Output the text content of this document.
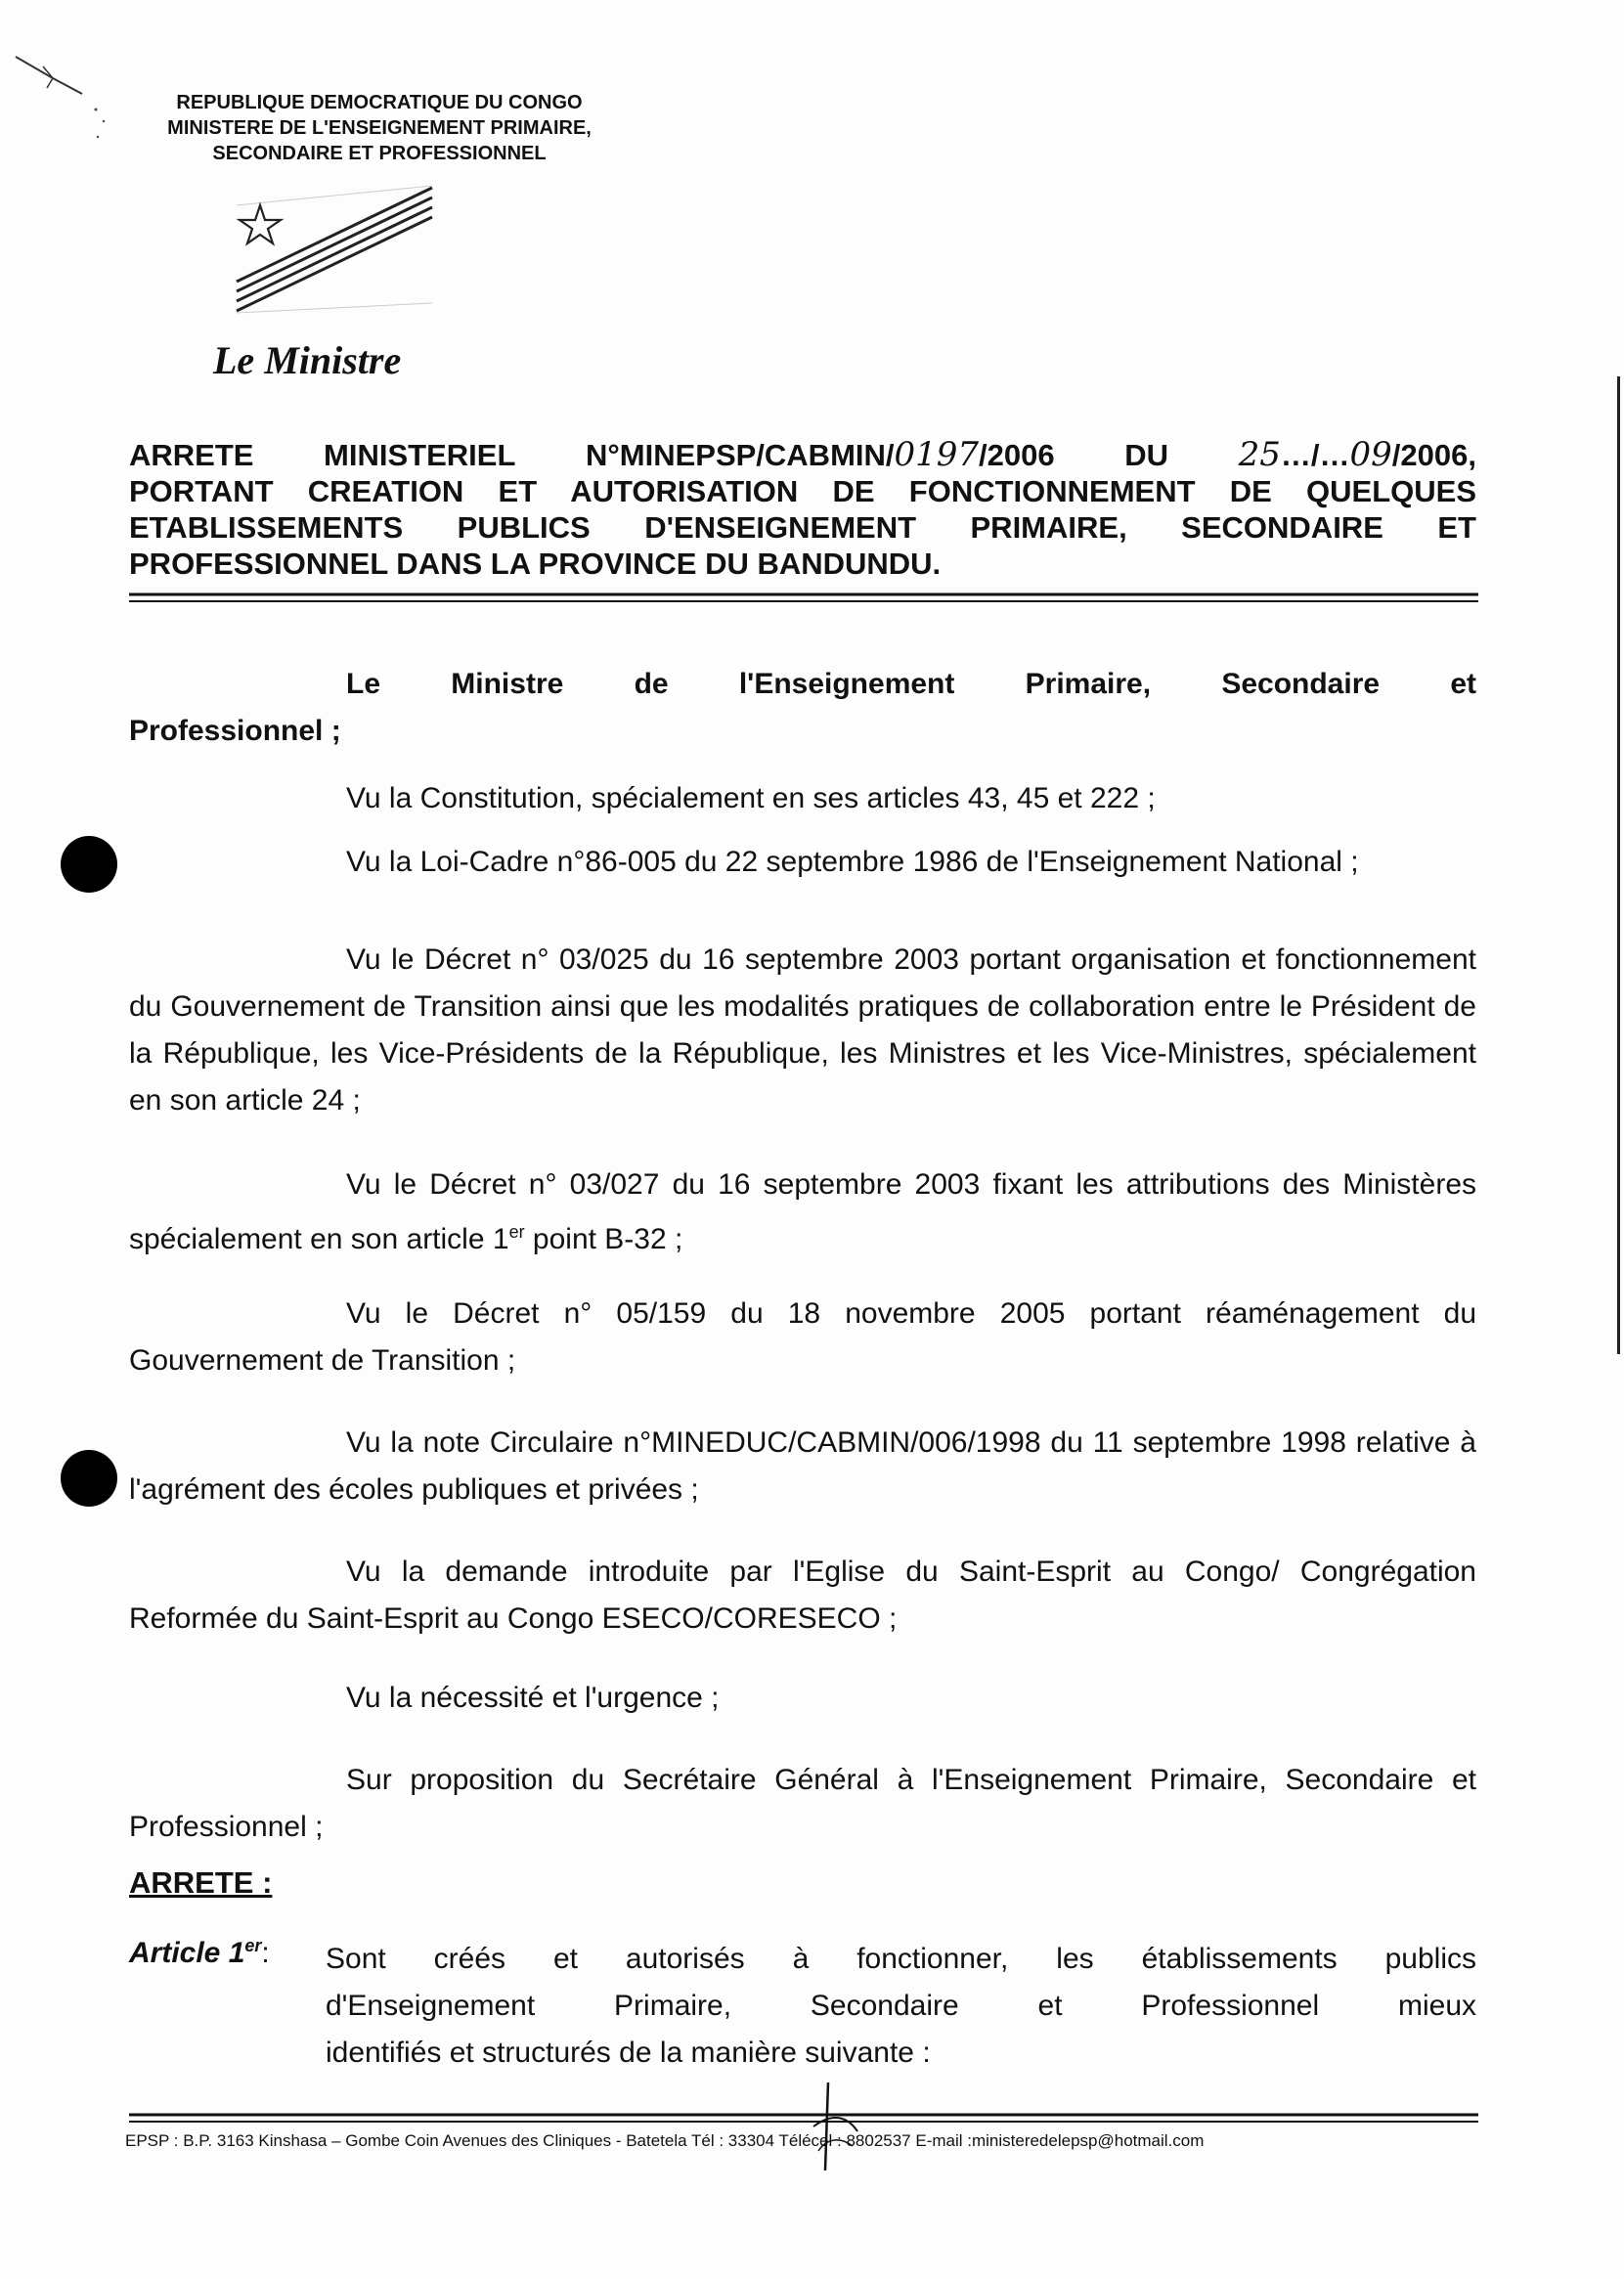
REPUBLIQUE DEMOCRATIQUE DU CONGO
MINISTERE DE L'ENSEIGNEMENT PRIMAIRE,
SECONDAIRE ET PROFESSIONNEL
Le Ministre
ARRETE MINISTERIEL N°MINEPSP/CABMIN/0197/2006 DU 25…/…09/2006,
PORTANT CREATION ET AUTORISATION DE FONCTIONNEMENT DE QUELQUES
ETABLISSEMENTS PUBLICS D'ENSEIGNEMENT PRIMAIRE, SECONDAIRE ET
PROFESSIONNEL DANS LA PROVINCE DU BANDUNDU.
Le Ministre de l'Enseignement Primaire, Secondaire et
Professionnel ;
Vu la Constitution, spécialement en ses articles 43, 45 et 222 ;
Vu la Loi-Cadre n°86-005 du 22 septembre 1986 de l'Enseignement National ;
Vu le Décret n° 03/025 du 16 septembre 2003 portant organisation et fonctionnement du Gouvernement de Transition ainsi que les modalités pratiques de collaboration entre le Président de la République, les Vice-Présidents de la République, les Ministres et les Vice-Ministres, spécialement en son article 24 ;
Vu le Décret n° 03/027 du 16 septembre 2003 fixant les attributions des Ministères spécialement en son article 1er point B-32 ;
Vu le Décret n° 05/159 du 18 novembre 2005 portant réaménagement du Gouvernement de Transition ;
Vu la note Circulaire n°MINEDUC/CABMIN/006/1998 du 11 septembre 1998 relative à l'agrément des écoles publiques et privées ;
Vu la demande introduite par l'Eglise du Saint-Esprit au Congo/ Congrégation Reformée du Saint-Esprit au Congo ESECO/CORESECO ;
Vu la nécessité et l'urgence ;
Sur proposition du Secrétaire Général à l'Enseignement Primaire, Secondaire et Professionnel ;
ARRETE :
Article 1er: Sont créés et autorisés à fonctionner, les établissements publics
d'Enseignement Primaire, Secondaire et Professionnel mieux
identifiés et structurés de la manière suivante :
EPSP : B.P. 3163 Kinshasa – Gombe Coin Avenues des Cliniques - Batetela Tél : 33304 Télécel : 8802537 E-mail :ministeredelepsp@hotmail.com
